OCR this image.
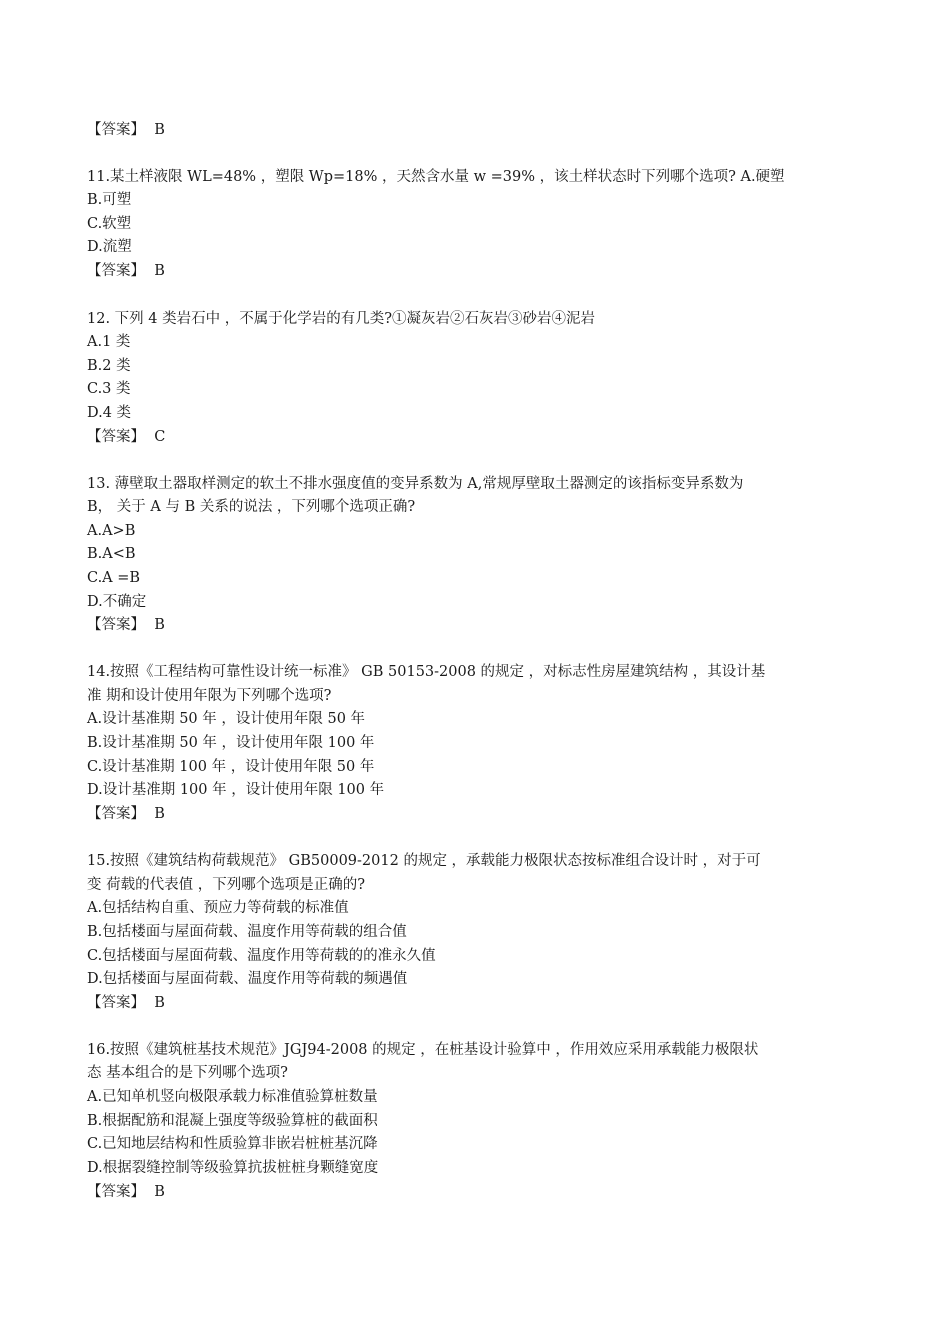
【答案】 B
11.某土样液限 WL=48% ，塑限 Wp=18% ，天然含水量 w =39% ，该土样状态时下列哪个选项? A.硬塑
B.可塑
C.软塑
D.流塑
【答案】 B
12. 下列 4 类岩石中 ，不属于化学岩的有几类?①凝灰岩②石灰岩③砂岩④泥岩
A.1 类
B.2 类
C.3 类
D.4 类
【答案】 C
13. 薄壁取土器取样测定的软土不排水强度值的变异系数为 A,常规厚壁取土器测定的该指标变异系数为
B， 关于 A 与 B 关系的说法 ，下列哪个选项正确?
A.A>B
B.A<B
C.A =B
D.不确定
【答案】 B
14.按照《工程结构可靠性设计统一标准》 GB 50153-2008 的规定 ，对标志性房屋建筑结构 ，其设计基
准 期和设计使用年限为下列哪个选项?
A.设计基准期 50 年 ，设计使用年限 50 年
B.设计基准期 50 年 ，设计使用年限 100 年
C.设计基准期 100 年 ，设计使用年限 50 年
D.设计基准期 100 年 ，设计使用年限 100 年
【答案】 B
15.按照《建筑结构荷载规范》 GB50009-2012 的规定 ，承载能力极限状态按标准组合设计时 ，对于可
变 荷载的代表值 ，下列哪个选项是正确的?
A.包括结构自重、预应力等荷载的标准值
B.包括楼面与屋面荷载、温度作用等荷载的组合值
C.包括楼面与屋面荷载、温度作用等荷载的的准永久值
D.包括楼面与屋面荷载、温度作用等荷载的频遇值
【答案】 B
16.按照《建筑桩基技术规范》JGJ94-2008 的规定 ，在桩基设计验算中 ，作用效应采用承载能力极限状
态 基本组合的是下列哪个选项?
A.已知单机竖向极限承载力标准值验算桩数量
B.根据配筋和混凝上强度等级验算桩的截面积
C.已知地层结构和性质验算非嵌岩桩桩基沉降
D.根据裂缝控制等级验算抗拔桩桩身颗缝宽度
【答案】 B
